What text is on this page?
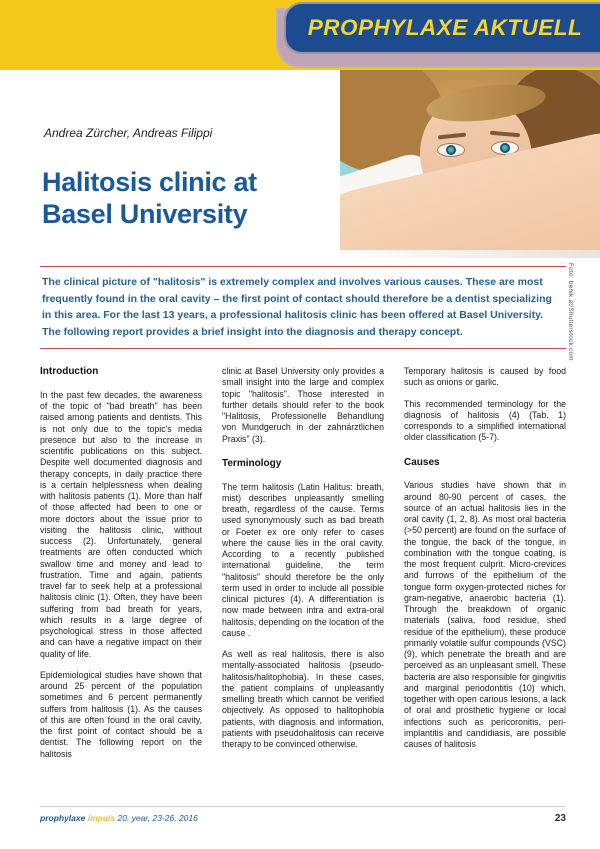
PROPHYLAXE AKTUELL
Foto: benik.at/Shutterstock.com
Andrea Zürcher, Andreas Filippi
Halitosis clinic at
Basel University

The clinical picture of "halitosis" is extremely complex and involves various causes. These are most frequently found in the oral cavity – the first point of contact should therefore be a dentist specializing in this area. For the last 13 years, a professional halitosis clinic has been offered at Basel University. The following report provides a brief insight into the diagnosis and therapy concept.

Introduction

In the past few decades, the awareness of the topic of "bad breath" has been raised among patients and dentists. This is not only due to the topic's media presence but also to the increase in scientific publications on this subject. Despite well documented diagnosis and therapy concepts, in daily practice there is a certain helplessness when dealing with halitosis patients (1). More than half of those affected had been to one or more doctors about the issue prior to visiting the halitosis clinic, without success (2). Unfortunately, general treatments are often conducted which swallow time and money and lead to frustration. Time and again, patients travel far to seek help at a professional halitosis clinic (1). Often, they have been suffering from bad breath for years, which results in a large degree of psychological stress in those affected and can have a negative impact on their quality of life.

Epidemiological studies have shown that around 25 percent of the population sometimes and 6 percent permanently suffers from halitosis (1). As the causes of this are often found in the oral cavity, the first point of contact should be a dentist. The following report on the halitosis

clinic at Basel University only provides a small insight into the large and complex topic "halitosis". Those interested in further details should refer to the book "Halitosis, Professionelle Behandlung von Mundgeruch in der zahnärztlichen Praxis" (3).

Terminology

The term halitosis (Latin Halitus: breath, mist) describes unpleasantly smelling breath, regardless of the cause. Terms used synonymously such as bad breath or Foeter ex ore only refer to cases where the cause lies in the oral cavity. According to a recently published international guideline, the term "halitosis" should therefore be the only term used in order to include all possible clinical pictures (4). A differentiation is now made between intra and extra-oral halitosis, depending on the location of the cause .

As well as real halitosis, there is also mentally-associated halitosis (pseudo-halitosis/halitophobia). In these cases, the patient complains of unpleasantly smelling breath which cannot be verified objectively. As opposed to halitophobia patients, with diagnosis and information, patients with pseudohalitosis can receive therapy to be convinced otherwise.

Temporary halitosis is caused by food such as onions or garlic.

This recommended terminology for the diagnosis of halitosis (4) (Tab. 1) corresponds to a simplified international older classification (5-7).

Causes

Various studies have shown that in around 80-90 percent of cases, the source of an actual halitosis lies in the oral cavity (1, 2, 8). As most oral bacteria (>50 percent) are found on the surface of the tongue, the back of the tongue, in combination with the tongue coating, is the most frequent culprit. Micro-crevices and furrows of the epithelium of the tongue form oxygen-protected niches for gram-negative, anaerobic bacteria (1). Through the breakdown of organic materials (saliva, food residue, shed residue of the epithelium), these produce primarily volatile sulfur compounds (VSC) (9), which penetrate the breath and are perceived as an unpleasant smell. These bacteria are also responsible for gingivitis and marginal periodontitis (10) which, together with open carious lesions, a lack of oral and prosthetic hygiene or local infections such as pericoronitis, peri-implantitis and candidiasis, are possible causes of halitosis

prophylaxe impuls 20. year, 23-26, 2016	23
